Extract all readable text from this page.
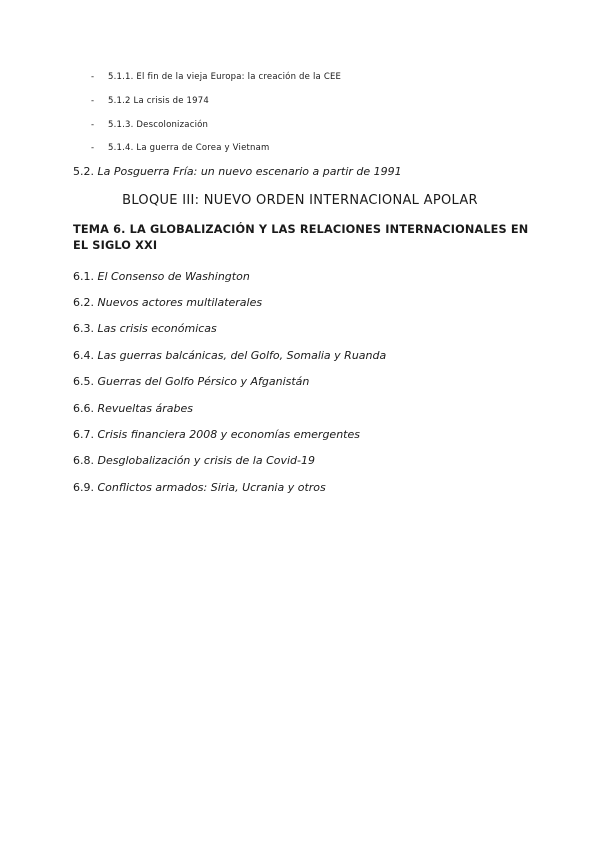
- 5.1.1. El fin de la vieja Europa: la creación de la CEE
- 5.1.2 La crisis de 1974
- 5.1.3. Descolonización
- 5.1.4. La guerra de Corea y Vietnam
5.2. La Posguerra Fría: un nuevo escenario a partir de 1991
BLOQUE III: NUEVO ORDEN INTERNACIONAL APOLAR
TEMA 6. LA GLOBALIZACIÓN Y LAS RELACIONES INTERNACIONALES EN EL SIGLO XXI
6.1. El Consenso de Washington
6.2. Nuevos actores multilaterales
6.3. Las crisis económicas
6.4. Las guerras balcánicas, del Golfo, Somalia y Ruanda
6.5. Guerras del Golfo Pérsico y Afganistán
6.6. Revueltas árabes
6.7. Crisis financiera 2008 y economías emergentes
6.8. Desglobalización y crisis de la Covid-19
6.9. Conflictos armados: Siria, Ucrania y otros
